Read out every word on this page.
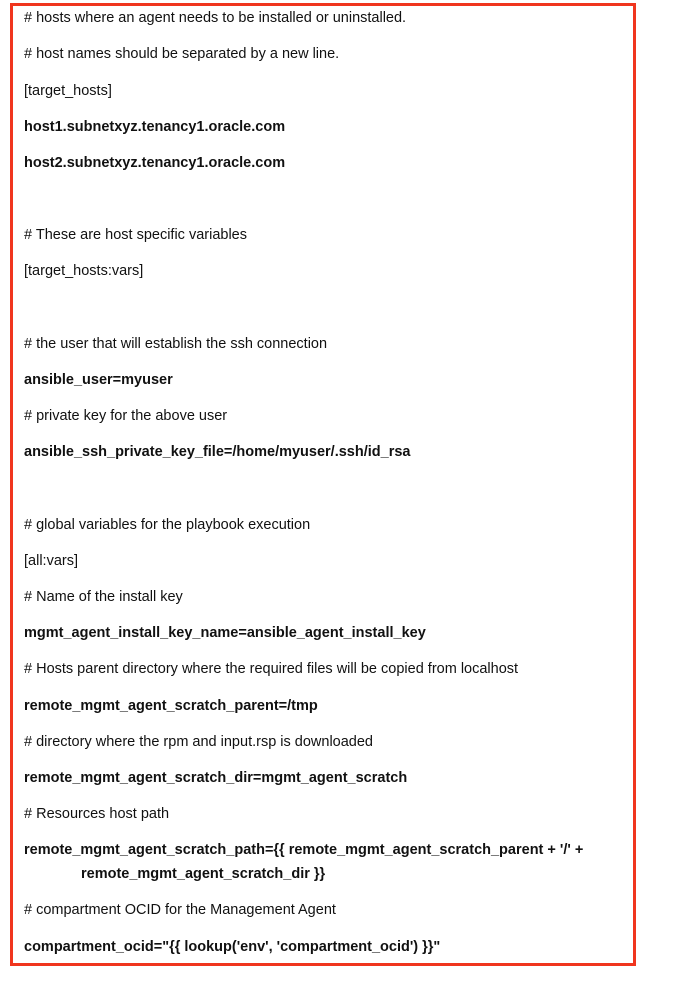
# hosts where an agent needs to be installed or uninstalled.
# host names should be separated by a new line.
[target_hosts]
host1.subnetxyz.tenancy1.oracle.com
host2.subnetxyz.tenancy1.oracle.com
# These are host specific variables
[target_hosts:vars]
# the user that will establish the ssh connection
ansible_user=myuser
# private key for the above user
ansible_ssh_private_key_file=/home/myuser/.ssh/id_rsa
# global variables for the playbook execution
[all:vars]
# Name of the install key
mgmt_agent_install_key_name=ansible_agent_install_key
# Hosts parent directory where the required files will be copied from localhost
remote_mgmt_agent_scratch_parent=/tmp
# directory where the rpm and input.rsp is downloaded
remote_mgmt_agent_scratch_dir=mgmt_agent_scratch
# Resources host path
remote_mgmt_agent_scratch_path={{ remote_mgmt_agent_scratch_parent + '/' +
remote_mgmt_agent_scratch_dir }}
# compartment OCID for the Management Agent
compartment_ocid="{{ lookup('env', 'compartment_ocid') }}"
